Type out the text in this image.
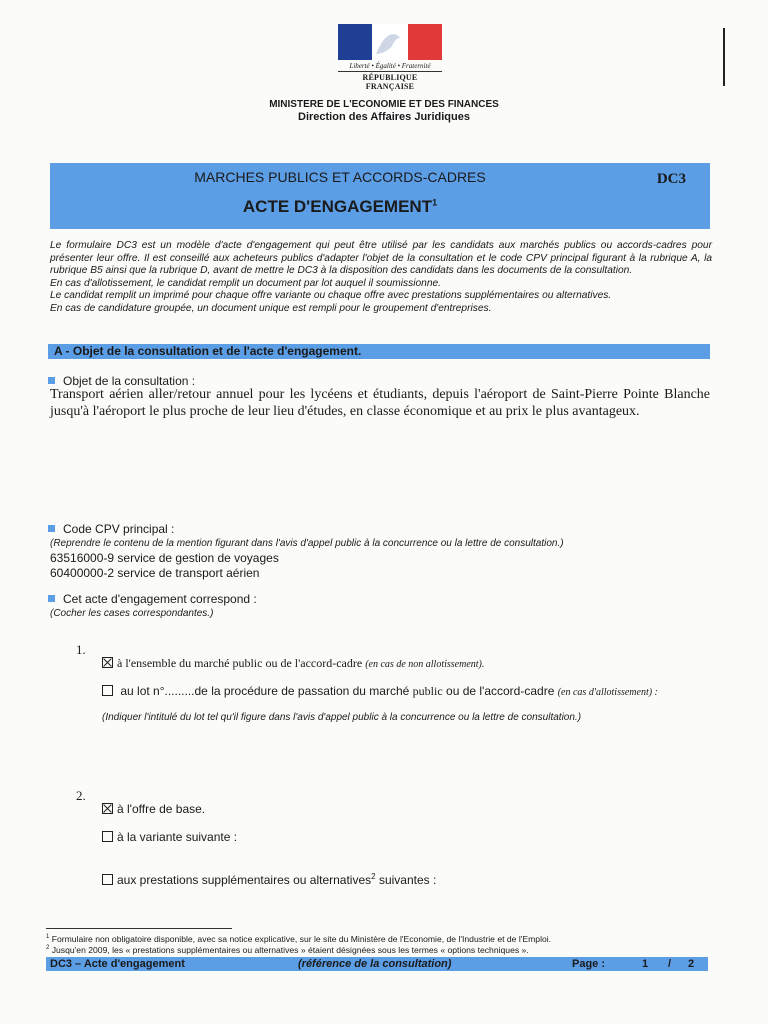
Liberté • Égalité • Fraternité
RÉPUBLIQUE FRANÇAISE
MINISTERE DE L'ECONOMIE ET DES FINANCES
Direction des Affaires Juridiques
MARCHES PUBLICS ET ACCORDS-CADRES
ACTE D'ENGAGEMENT$^1$
DC3

Le formulaire DC3 est un modèle d'acte d'engagement qui peut être utilisé par les candidats aux marchés publics ou accords-cadres pour présenter leur offre. Il est conseillé aux acheteurs publics d'adapter l'objet de la consultation et le code CPV principal figurant à la rubrique A, la rubrique B5 ainsi que la rubrique D, avant de mettre le DC3 à la disposition des candidats dans les documents de la consultation.

En cas d'allotissement, le candidat remplit un document par lot auquel il soumissionne.

Le candidat remplit un imprimé pour chaque offre variante ou chaque offre avec prestations supplémentaires ou alternatives.

En cas de candidature groupée, un document unique est rempli pour le groupement d'entreprises.

A - Objet de la consultation et de l'acte d'engagement.
Objet de la consultation :
Transport aérien aller/retour annuel pour les lycéens et étudiants, depuis l'aéroport de Saint-Pierre Pointe Blanche jusqu'à l'aéroport le plus proche de leur lieu d'études, en classe économique et au prix le plus avantageux.
Code CPV principal :
(Reprendre le contenu de la mention figurant dans l'avis d'appel public à la concurrence ou la lettre de consultation.)
63516000-9 service de gestion de voyages
60400000-2 service de transport aérien
Cet acte d'engagement correspond :
(Cocher les cases correspondantes.)
1.
à l'ensemble du marché public ou de l'accord-cadre (en cas de non allotissement).
au lot n°.........de la procédure de passation du marché public ou de l'accord-cadre (en cas d'allotissement) :
(Indiquer l'intitulé du lot tel qu'il figure dans l'avis d'appel public à la concurrence ou la lettre de consultation.)
2.
à l'offre de base.
à la variante suivante :
aux prestations supplémentaires ou alternatives$^2$ suivantes :
$^1$ Formulaire non obligatoire disponible, avec sa notice explicative, sur le site du Ministère de l'Economie, de l'Industrie et de l'Emploi.
$^2$ Jusqu'en 2009, les « prestations supplémentaires ou alternatives » étaient désignées sous les termes « options techniques ».
DC3 – Acte d'engagement	(référence de la consultation)	Page :	1 / 2
